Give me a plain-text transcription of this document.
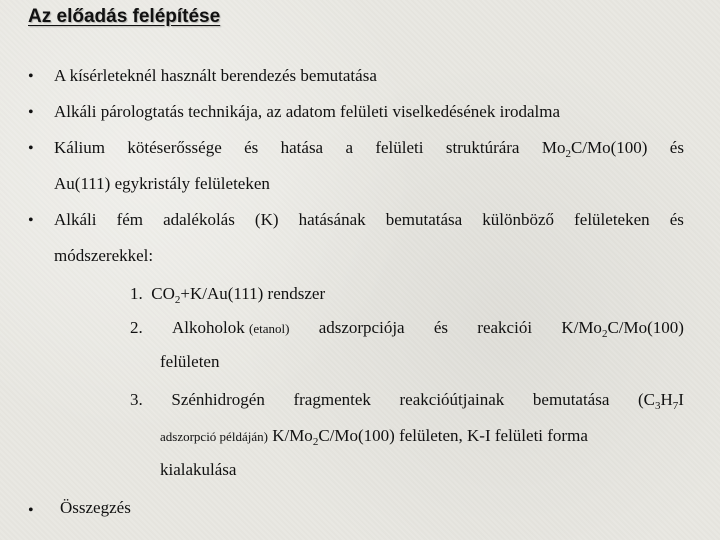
Az előadás felépítése
• A kísérleteknél használt berendezés bemutatása
• Alkáli párologtatás technikája, az adatom felületi viselkedésének irodalma
• Kálium kötéserőssége és hatása a felületi struktúrára $Mo_2C/Mo(100)$ és
Au(111) egykristály felületeken
• Alkáli fém adalékolás (K) hatásának bemutatása különböző felületeken és
módszerekkel:
1. $CO_2+K/Au(111)$ rendszer
2. Alkoholok (etanol) adszorpciója és reakciói $K/Mo_2C/Mo(100)$
felületen
3. Szénhidrogén fragmentek reakcióútjainak bemutatása ($C_3H_7I$
adszorpció példáján) $K/Mo_2C/Mo(100)$ felületen, K-I felületi forma
kialakulása
• Összegzés
